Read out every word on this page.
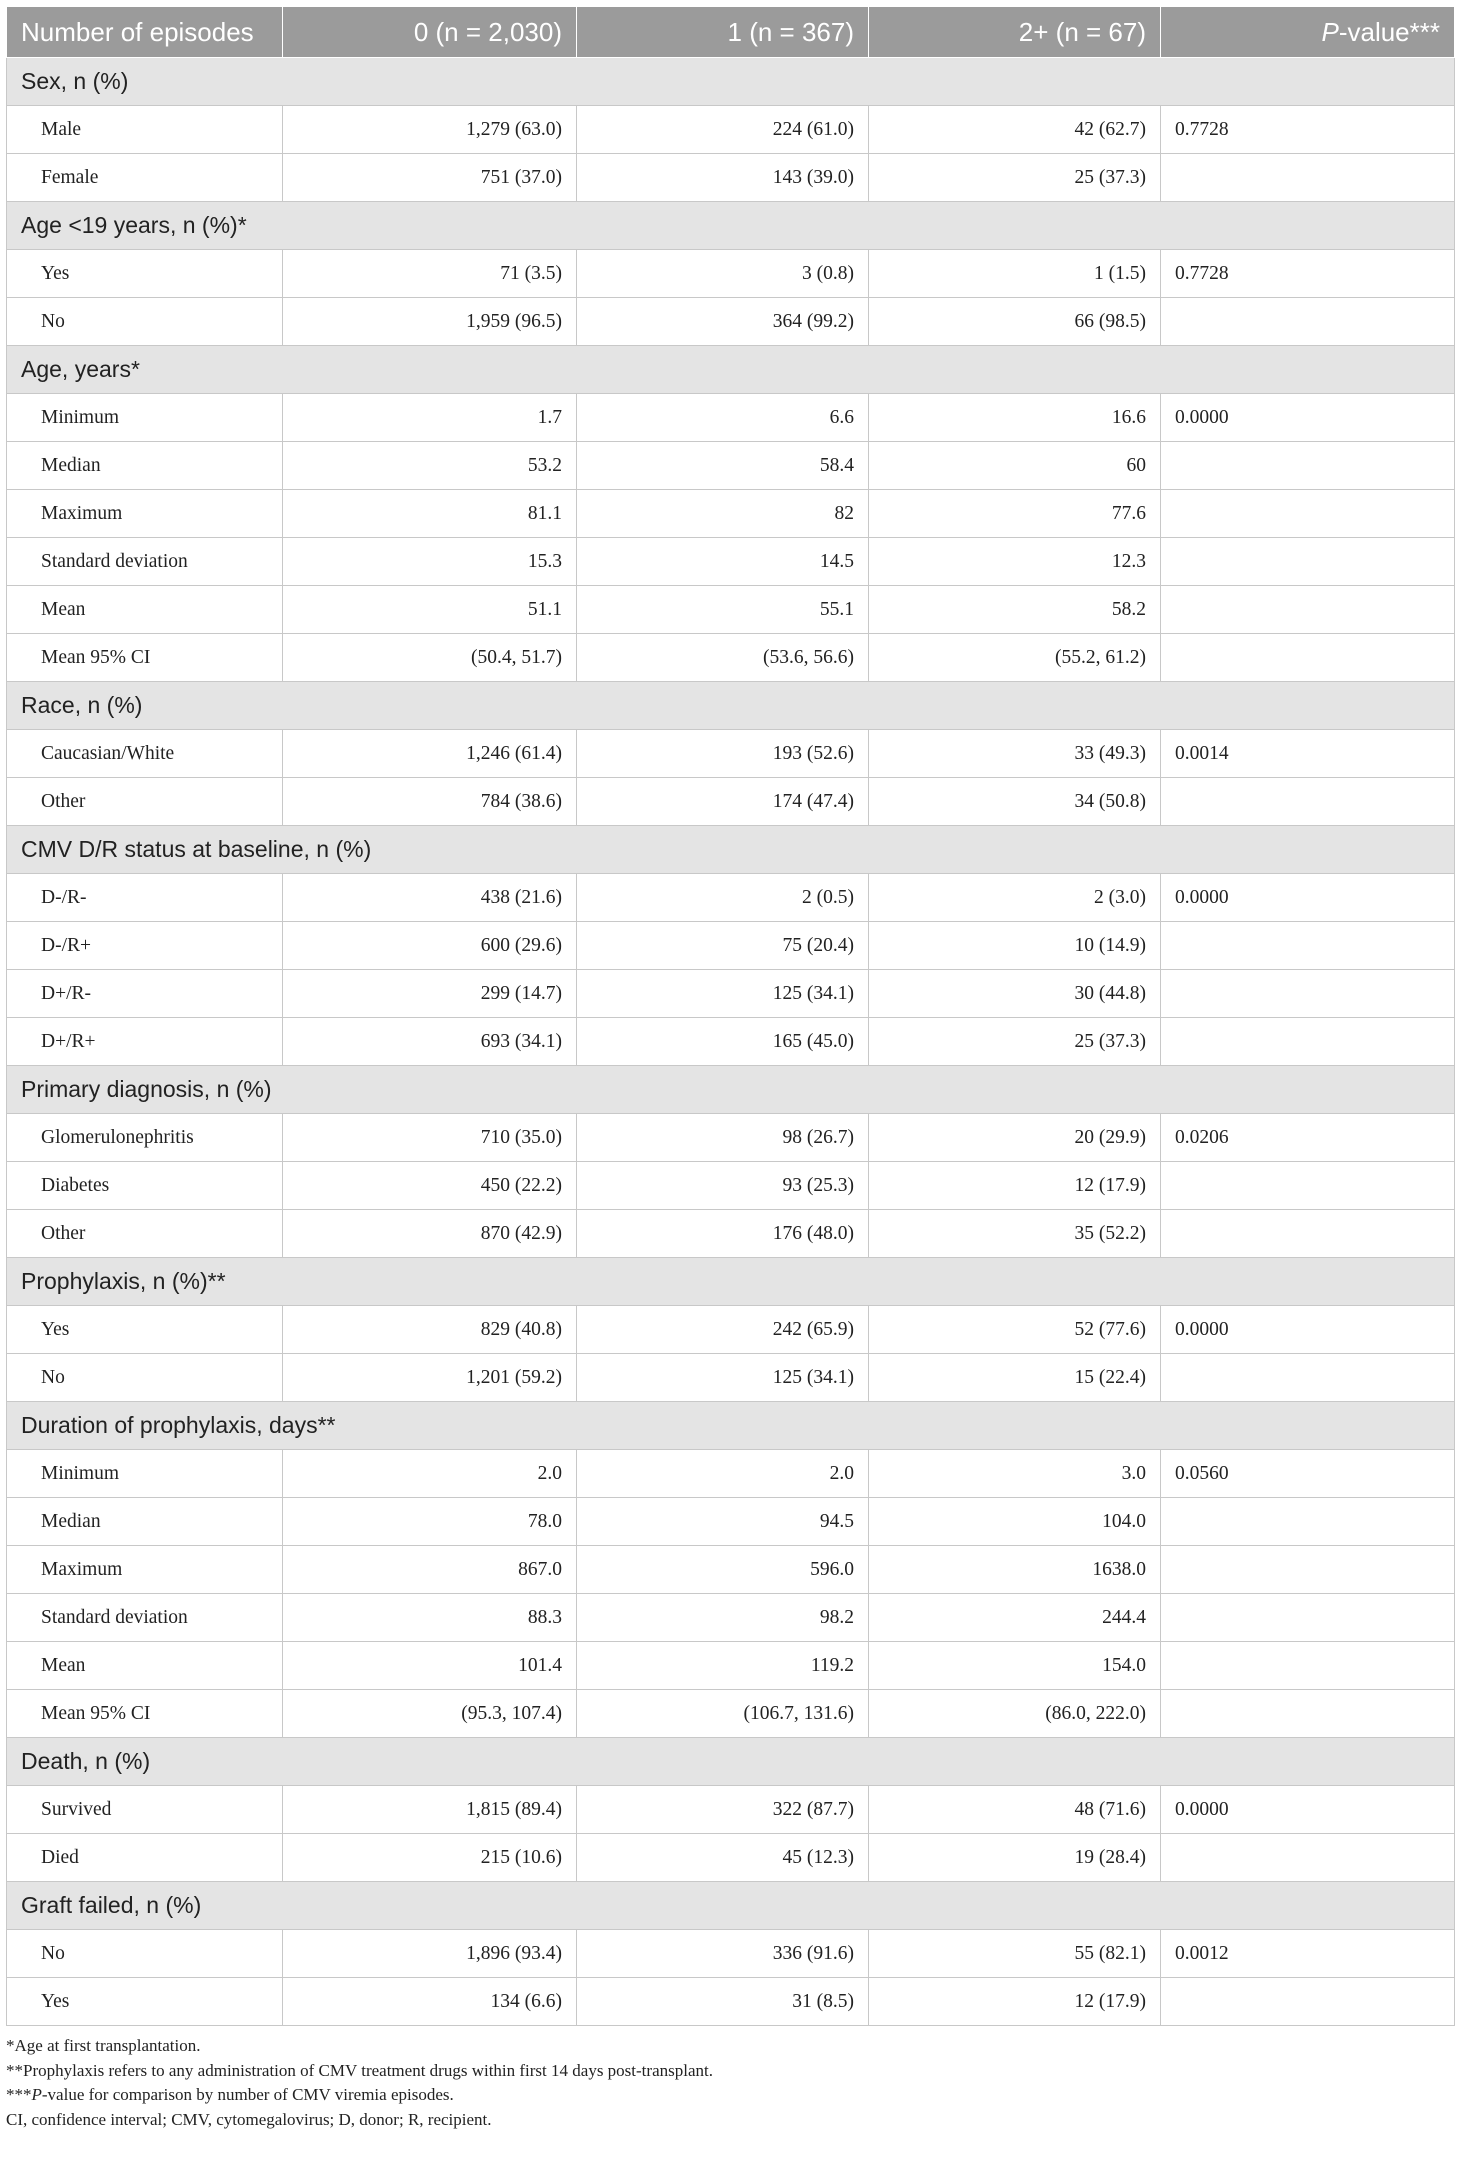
Number of episodes	0 (n = 2,030)	1 (n = 367)	2+ (n = 67)	P-value***
Sex, n (%)				
Male	1,279 (63.0)	224 (61.0)	42 (62.7)	0.7728
Female	751 (37.0)	143 (39.0)	25 (37.3)	
Age <19 years, n (%)*				
Yes	71 (3.5)	3 (0.8)	1 (1.5)	0.7728
No	1,959 (96.5)	364 (99.2)	66 (98.5)	
Age, years*				
Minimum	1.7	6.6	16.6	0.0000
Median	53.2	58.4	60	
Maximum	81.1	82	77.6	
Standard deviation	15.3	14.5	12.3	
Mean	51.1	55.1	58.2	
Mean 95% CI	(50.4, 51.7)	(53.6, 56.6)	(55.2, 61.2)	
Race, n (%)				
Caucasian/White	1,246 (61.4)	193 (52.6)	33 (49.3)	0.0014
Other	784 (38.6)	174 (47.4)	34 (50.8)	
CMV D/R status at baseline, n (%)				
D-/R-	438 (21.6)	2 (0.5)	2 (3.0)	0.0000
D-/R+	600 (29.6)	75 (20.4)	10 (14.9)	
D+/R-	299 (14.7)	125 (34.1)	30 (44.8)	
D+/R+	693 (34.1)	165 (45.0)	25 (37.3)	
Primary diagnosis, n (%)				
Glomerulonephritis	710 (35.0)	98 (26.7)	20 (29.9)	0.0206
Diabetes	450 (22.2)	93 (25.3)	12 (17.9)	
Other	870 (42.9)	176 (48.0)	35 (52.2)	
Prophylaxis, n (%)**				
Yes	829 (40.8)	242 (65.9)	52 (77.6)	0.0000
No	1,201 (59.2)	125 (34.1)	15 (22.4)	
Duration of prophylaxis, days**				
Minimum	2.0	2.0	3.0	0.0560
Median	78.0	94.5	104.0	
Maximum	867.0	596.0	1638.0	
Standard deviation	88.3	98.2	244.4	
Mean	101.4	119.2	154.0	
Mean 95% CI	(95.3, 107.4)	(106.7, 131.6)	(86.0, 222.0)	
Death, n (%)				
Survived	1,815 (89.4)	322 (87.7)	48 (71.6)	0.0000
Died	215 (10.6)	45 (12.3)	19 (28.4)	
Graft failed, n (%)				
No	1,896 (93.4)	336 (91.6)	55 (82.1)	0.0012
Yes	134 (6.6)	31 (8.5)	12 (17.9)	
*Age at first transplantation.
**Prophylaxis refers to any administration of CMV treatment drugs within first 14 days post-transplant.
***P-value for comparison by number of CMV viremia episodes.
CI, confidence interval; CMV, cytomegalovirus; D, donor; R, recipient.
